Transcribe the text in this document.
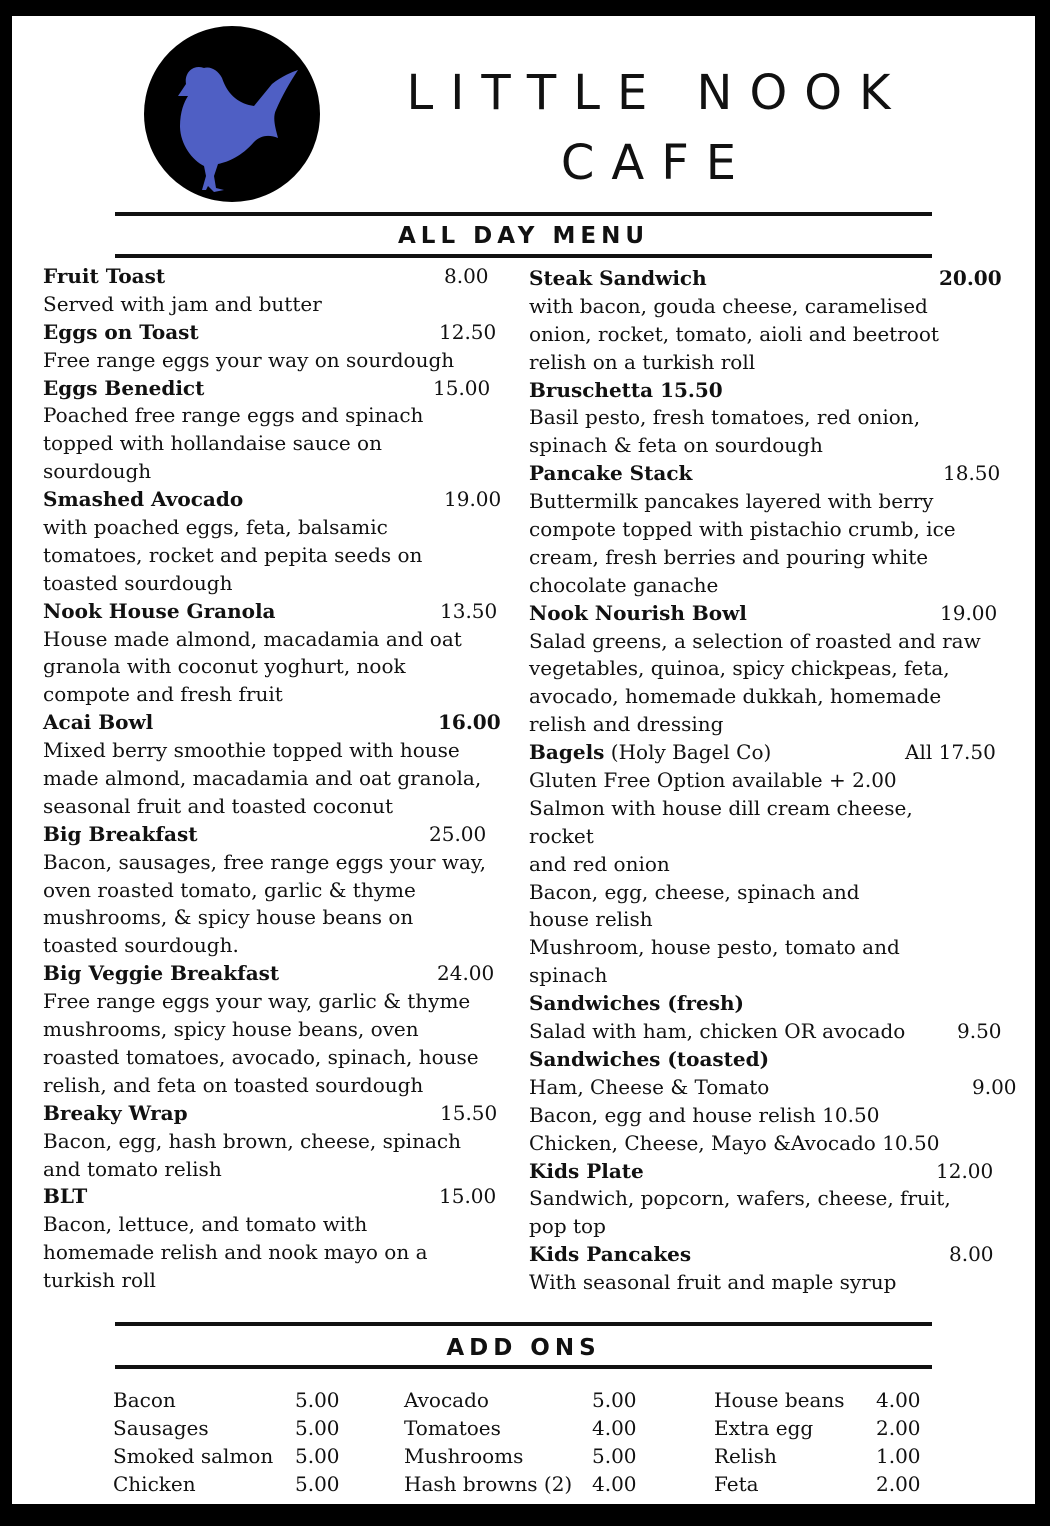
LITTLE NOOK
CAFE
ALL DAY MENU
Fruit Toast	8.00
Served with jam and butter
Eggs on Toast	12.50
Free range eggs your way on sourdough
Eggs Benedict	15.00
Poached free range eggs and spinach
topped with hollandaise sauce on
sourdough
Smashed Avocado	19.00
with poached eggs, feta, balsamic
tomatoes, rocket and pepita seeds on
toasted sourdough
Nook House Granola	13.50
House made almond, macadamia and oat
granola with coconut yoghurt, nook
compote and fresh fruit
Acai Bowl	16.00
Mixed berry smoothie topped with house
made almond, macadamia and oat granola,
seasonal fruit and toasted coconut
Big Breakfast	25.00
Bacon, sausages, free range eggs your way,
oven roasted tomato, garlic & thyme
mushrooms, & spicy house beans on
toasted sourdough.
Big Veggie Breakfast	24.00
Free range eggs your way, garlic & thyme
mushrooms, spicy house beans, oven
roasted tomatoes, avocado, spinach, house
relish, and feta on toasted sourdough
Breaky Wrap	15.50
Bacon, egg, hash brown, cheese, spinach
and tomato relish
BLT	15.00
Bacon, lettuce, and tomato with
homemade relish and nook mayo on a
turkish roll
Steak Sandwich	20.00
with bacon, gouda cheese, caramelised
onion, rocket, tomato, aioli and beetroot
relish on a turkish roll
Bruschetta 15.50
Basil pesto, fresh tomatoes, red onion,
spinach & feta on sourdough
Pancake Stack	18.50
Buttermilk pancakes layered with berry
compote topped with pistachio crumb, ice
cream, fresh berries and pouring white
chocolate ganache
Nook Nourish Bowl	19.00
Salad greens, a selection of roasted and raw
vegetables, quinoa, spicy chickpeas, feta,
avocado, homemade dukkah, homemade
relish and dressing
Bagels (Holy Bagel Co)	All 17.50
Gluten Free Option available + 2.00
Salmon with house dill cream cheese,
rocket
and red onion
Bacon, egg, cheese, spinach and
house relish
Mushroom, house pesto, tomato and
spinach
Sandwiches (fresh)
Salad with ham, chicken OR avocado	9.50
Sandwiches (toasted)
Ham, Cheese & Tomato	9.00
Bacon, egg and house relish 10.50
Chicken, Cheese, Mayo &Avocado 10.50
Kids Plate	12.00
Sandwich, popcorn, wafers, cheese, fruit,
pop top
Kids Pancakes	8.00
With seasonal fruit and maple syrup
ADD ONS
Bacon	5.00
Sausages	5.00
Smoked salmon 5.00
Chicken	5.00
Avocado	5.00
Tomatoes	4.00
Mushrooms	5.00
Hash browns (2) 4.00
House beans 4.00
Extra egg	2.00
Relish	1.00
Feta	2.00
